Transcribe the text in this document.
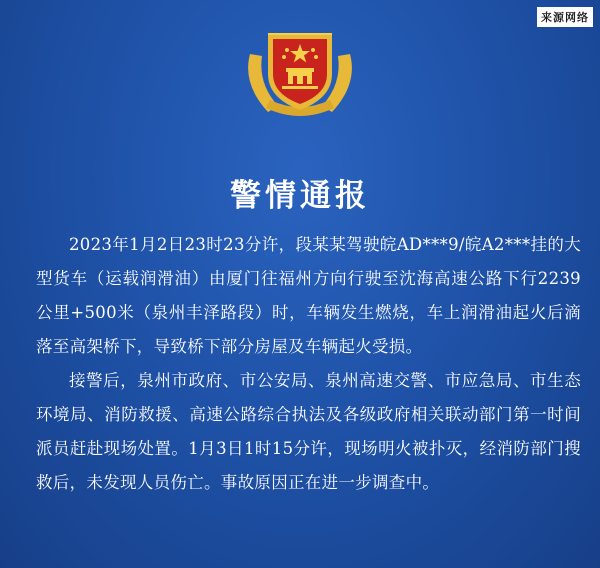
来源网络
警情通报

2023年1月2日23时23分许，段某某驾驶皖AD***9/皖A2***挂的大型货车（运载润滑油）由厦门往福州方向行驶至沈海高速公路下行2239公里+500米（泉州丰泽路段）时，车辆发生燃烧，车上润滑油起火后滴落至高架桥下，导致桥下部分房屋及车辆起火受损。

接警后，泉州市政府、市公安局、泉州高速交警、市应急局、市生态环境局、消防救援、高速公路综合执法及各级政府相关联动部门第一时间派员赶赴现场处置。1月3日1时15分许，现场明火被扑灭，经消防部门搜救后，未发现人员伤亡。事故原因正在进一步调查中。
